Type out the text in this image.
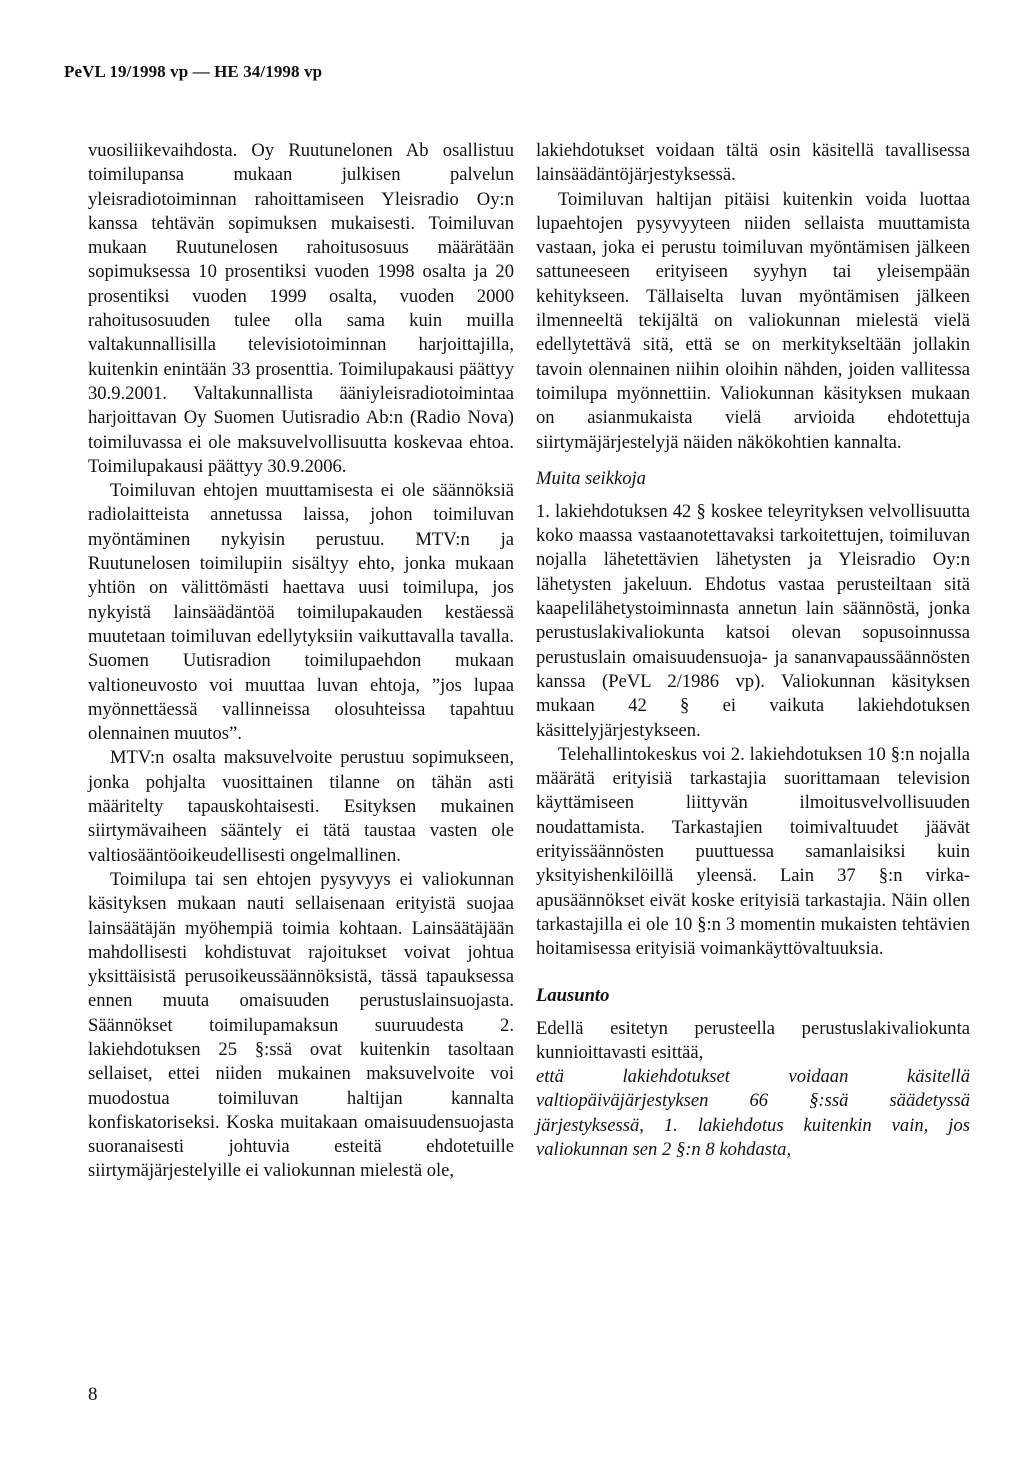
PeVL 19/1998 vp — HE 34/1998 vp

vuosiliikevaihdosta. Oy Ruutunelonen Ab osallistuu toimilupansa mukaan julkisen palvelun yleisradiotoiminnan rahoittamiseen Yleisradio Oy:n kanssa tehtävän sopimuksen mukaisesti. Toimiluvan mukaan Ruutunelosen rahoitusosuus määrätään sopimuksessa 10 prosentiksi vuoden 1998 osalta ja 20 prosentiksi vuoden 1999 osalta, vuoden 2000 rahoitusosuuden tulee olla sama kuin muilla valtakunnallisilla televisiotoiminnan harjoittajilla, kuitenkin enintään 33 prosenttia. Toimilupakausi päättyy 30.9.2001. Valtakunnallista ääniyleisradiotoimintaa harjoittavan Oy Suomen Uutisradio Ab:n (Radio Nova) toimiluvassa ei ole maksuvelvollisuutta koskevaa ehtoa. Toimilupakausi päättyy 30.9.2006.

Toimiluvan ehtojen muuttamisesta ei ole säännöksiä radiolaitteista annetussa laissa, johon toimiluvan myöntäminen nykyisin perustuu. MTV:n ja Ruutunelosen toimilupiin sisältyy ehto, jonka mukaan yhtiön on välittömästi haettava uusi toimilupa, jos nykyistä lainsäädäntöä toimilupakauden kestäessä muutetaan toimiluvan edellytyksiin vaikuttavalla tavalla. Suomen Uutisradion toimilupaehdon mukaan valtioneuvosto voi muuttaa luvan ehtoja, ”jos lupaa myönnettäessä vallinneissa olosuhteissa tapahtuu olennainen muutos”.

MTV:n osalta maksuvelvoite perustuu sopimukseen, jonka pohjalta vuosittainen tilanne on tähän asti määritelty tapauskohtaisesti. Esityksen mukainen siirtymävaiheen sääntely ei tätä taustaa vasten ole valtiosääntöoikeudellisesti ongelmallinen.

Toimilupa tai sen ehtojen pysyvyys ei valiokunnan käsityksen mukaan nauti sellaisenaan erityistä suojaa lainsäätäjän myöhempiä toimia kohtaan. Lainsäätäjään mahdollisesti kohdistuvat rajoitukset voivat johtua yksittäisistä perusoikeussäännöksistä, tässä tapauksessa ennen muuta omaisuuden perustuslainsuojasta. Säännökset toimilupamaksun suuruudesta 2. lakiehdotuksen 25 §:ssä ovat kuitenkin tasoltaan sellaiset, ettei niiden mukainen maksuvelvoite voi muodostua toimiluvan haltijan kannalta konfiskatoriseksi. Koska muitakaan omaisuudensuojasta suoranaisesti johtuvia esteitä ehdotetuille siirtymäjärjestelyille ei valiokunnan mielestä ole,

lakiehdotukset voidaan tältä osin käsitellä tavallisessa lainsäädäntöjärjestyksessä.

Toimiluvan haltijan pitäisi kuitenkin voida luottaa lupaehtojen pysyvyyteen niiden sellaista muuttamista vastaan, joka ei perustu toimiluvan myöntämisen jälkeen sattuneeseen erityiseen syyhyn tai yleisempään kehitykseen. Tällaiselta luvan myöntämisen jälkeen ilmenneeltä tekijältä on valiokunnan mielestä vielä edellytettävä sitä, että se on merkitykseltään jollakin tavoin olennainen niihin oloihin nähden, joiden vallitessa toimilupa myönnettiin. Valiokunnan käsityksen mukaan on asianmukaista vielä arvioida ehdotettuja siirtymäjärjestelyjä näiden näkökohtien kannalta.

Muita seikkoja

1. lakiehdotuksen 42 § koskee teleyrityksen velvollisuutta koko maassa vastaanotettavaksi tarkoitettujen, toimiluvan nojalla lähetettävien lähetysten ja Yleisradio Oy:n lähetysten jakeluun. Ehdotus vastaa perusteiltaan sitä kaapelilähetystoiminnasta annetun lain säännöstä, jonka perustuslakivaliokunta katsoi olevan sopusoinnussa perustuslain omaisuudensuoja- ja sananvapaussäännösten kanssa (PeVL 2/1986 vp). Valiokunnan käsityksen mukaan 42 § ei vaikuta lakiehdotuksen käsittelyjärjestykseen.

Telehallintokeskus voi 2. lakiehdotuksen 10 §:n nojalla määrätä erityisiä tarkastajia suorittamaan television käyttämiseen liittyvän ilmoitusvelvollisuuden noudattamista. Tarkastajien toimivaltuudet jäävät erityissäännösten puuttuessa samanlaisiksi kuin yksityishenkilöillä yleensä. Lain 37 §:n virka-apusäännökset eivät koske erityisiä tarkastajia. Näin ollen tarkastajilla ei ole 10 §:n 3 momentin mukaisten tehtävien hoitamisessa erityisiä voimankäyttövaltuuksia.

Lausunto

Edellä esitetyn perusteella perustuslakivaliokunta kunnioittavasti esittää,

että lakiehdotukset voidaan käsitellä valtiopäiväjärjestyksen 66 §:ssä säädetyssä järjestyksessä, 1. lakiehdotus kuitenkin vain, jos valiokunnan sen 2 §:n 8 kohdasta,

8
